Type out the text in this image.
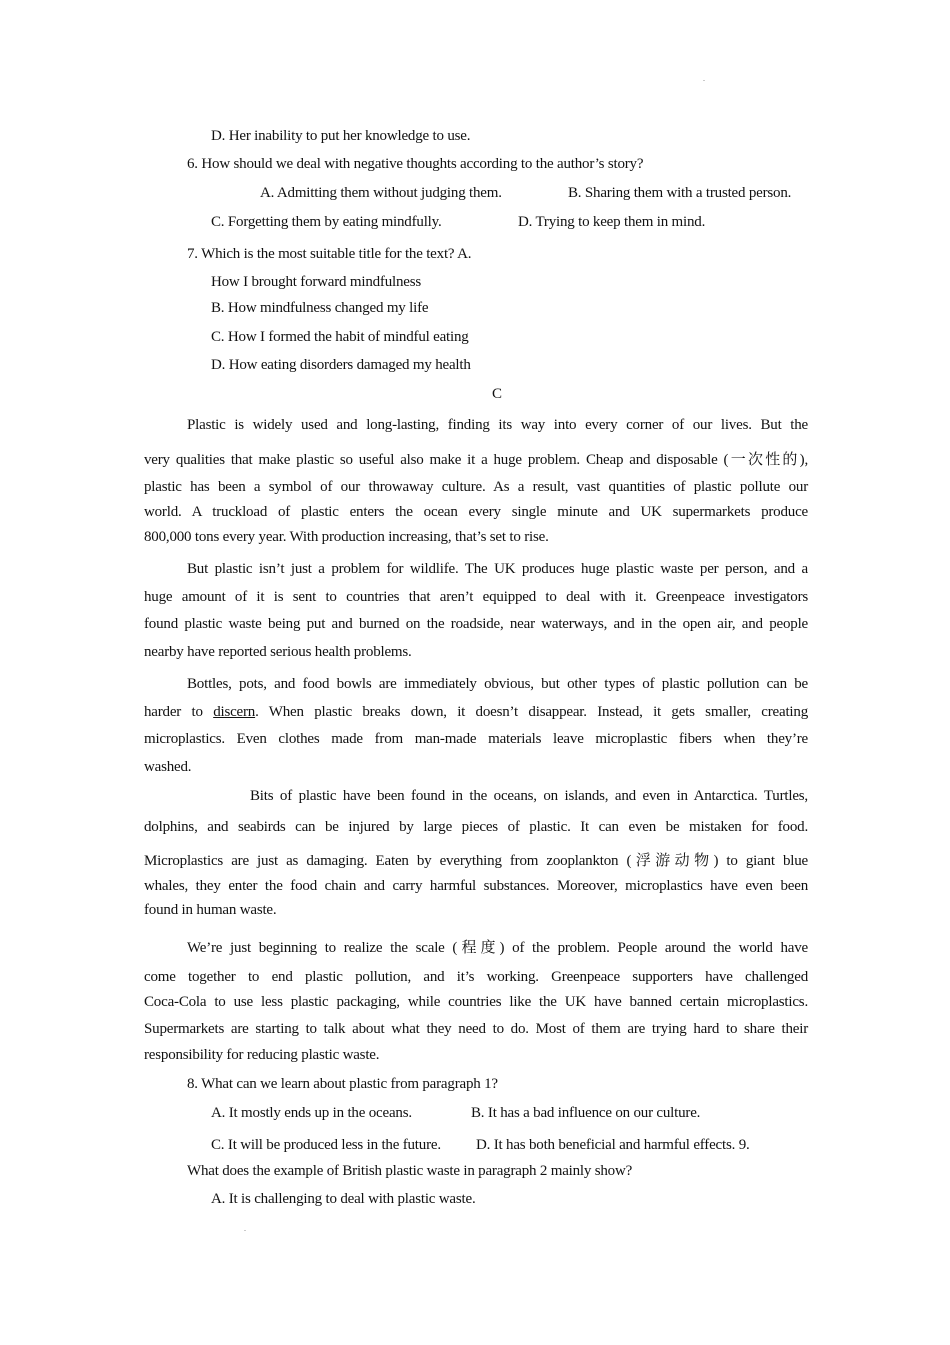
.
D. Her inability to put her knowledge to use.
6. How should we deal with negative thoughts according to the author’s story?
A. Admitting them without judging them.	B. Sharing them with a trusted person.
C. Forgetting them by eating mindfully.	D. Trying to keep them in mind.
7. Which is the most suitable title for the text? A.
How I brought forward mindfulness
B. How mindfulness changed my life
C. How I formed the habit of mindful eating
D. How eating disorders damaged my health
C
Plastic is widely used and long-lasting, finding its way into every corner of our lives. But the
very qualities that make plastic so useful also make it a huge problem. Cheap and disposable (一次性的),
plastic has been a symbol of our throwaway culture. As a result, vast quantities of plastic pollute our
world. A truckload of plastic enters the ocean every single minute and UK supermarkets produce
800,000 tons every year. With production increasing, that’s set to rise.
But plastic isn’t just a problem for wildlife. The UK produces huge plastic waste per person, and a
huge amount of it is sent to countries that aren’t equipped to deal with it. Greenpeace investigators
found plastic waste being put and burned on the roadside, near waterways, and in the open air, and people
nearby have reported serious health problems.
Bottles, pots, and food bowls are immediately obvious, but other types of plastic pollution can be
harder to discern. When plastic breaks down, it doesn’t disappear. Instead, it gets smaller, creating
microplastics. Even clothes made from man-made materials leave microplastic fibers when they’re
washed.
Bits of plastic have been found in the oceans, on islands, and even in Antarctica. Turtles,
dolphins, and seabirds can be injured by large pieces of plastic. It can even be mistaken for food.
Microplastics are just as damaging. Eaten by everything from zooplankton (浮游动物) to giant blue
whales, they enter the food chain and carry harmful substances. Moreover, microplastics have even been
found in human waste.
We’re just beginning to realize the scale (程度) of the problem. People around the world have
come together to end plastic pollution, and it’s working. Greenpeace supporters have challenged
Coca-Cola to use less plastic packaging, while countries like the UK have banned certain microplastics.
Supermarkets are starting to talk about what they need to do. Most of them are trying hard to share their
responsibility for reducing plastic waste.
8. What can we learn about plastic from paragraph 1?
A. It mostly ends up in the oceans.	B. It has a bad influence on our culture.
C. It will be produced less in the future. D. It has both beneficial and harmful effects. 9.
What does the example of British plastic waste in paragraph 2 mainly show?
A. It is challenging to deal with plastic waste.
.
